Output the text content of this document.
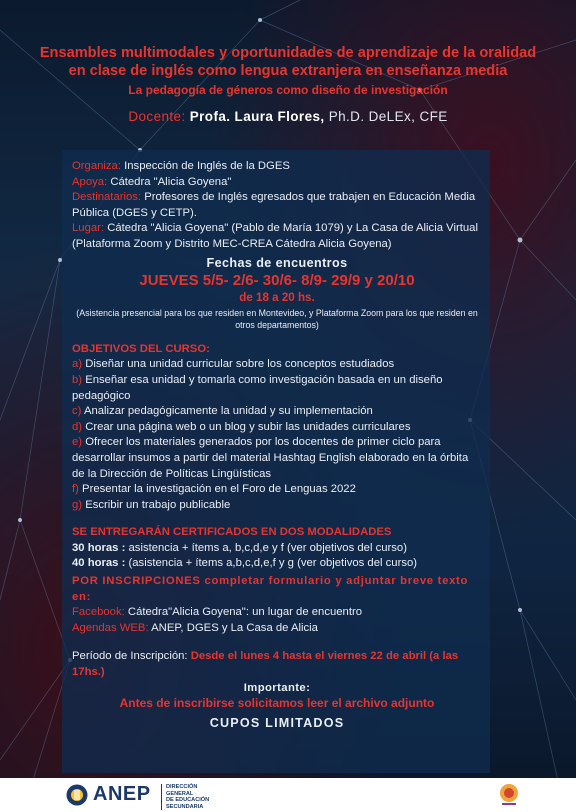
Ensambles multimodales y oportunidades de aprendizaje de la oralidad
en clase de inglés como lengua extranjera en enseñanza media
La pedagogía de géneros como diseño de investigación
Docente: Profa. Laura Flores, Ph.D. DeLEx, CFE
Organiza: Inspección de Inglés de la DGES
Apoya: Cátedra "Alicia Goyena"
Destinatarios: Profesores de Inglés egresados que trabajen en Educación Media Pública (DGES y CETP).
Lugar: Cátedra "Alicia Goyena" (Pablo de María 1079) y La Casa de Alicia Virtual (Plataforma Zoom y Distrito MEC-CREA Cátedra Alicia Goyena)
Fechas de encuentros
JUEVES 5/5- 2/6- 30/6- 8/9- 29/9 y 20/10
de 18 a 20 hs.
(Asistencia presencial para los que residen en Montevideo, y Plataforma Zoom para los que residen en otros departamentos)
OBJETIVOS DEL CURSO:
a) Diseñar una unidad curricular sobre los conceptos estudiados
b) Enseñar esa unidad y tomarla como investigación basada en un diseño pedagógico
c) Analizar pedagógicamente la unidad y su implementación
d) Crear una página web o un blog y subir las unidades curriculares
e) Ofrecer los materiales generados por los docentes de primer ciclo para desarrollar insumos a partir del material Hashtag English elaborado en la órbita de la Dirección de Políticas Lingüísticas
f) Presentar la investigación en el Foro de Lenguas 2022
g) Escribir un trabajo publicable
SE ENTREGARÁN CERTIFICADOS EN DOS MODALIDADES
30 horas : asistencia + ítems a, b,c,d,e y f (ver objetivos del curso)
40 horas : (asistencia + ítems a,b,c,d,e,f y g (ver objetivos del curso)
POR INSCRIPCIONES completar formulario y adjuntar breve texto en:
Facebook: Cátedra"Alicia Goyena": un lugar de encuentro
Agendas WEB: ANEP, DGES y La Casa de Alicia
Período de Inscripción: Desde el lunes 4 hasta el viernes 22 de abril (a las 17hs.)
Importante:
Antes de inscribirse solicitamos leer el archivo adjunto
CUPOS LIMITADOS
ANEP	DIRECCIÓN GENERAL
DE EDUCACIÓN
SECUNDARIA
